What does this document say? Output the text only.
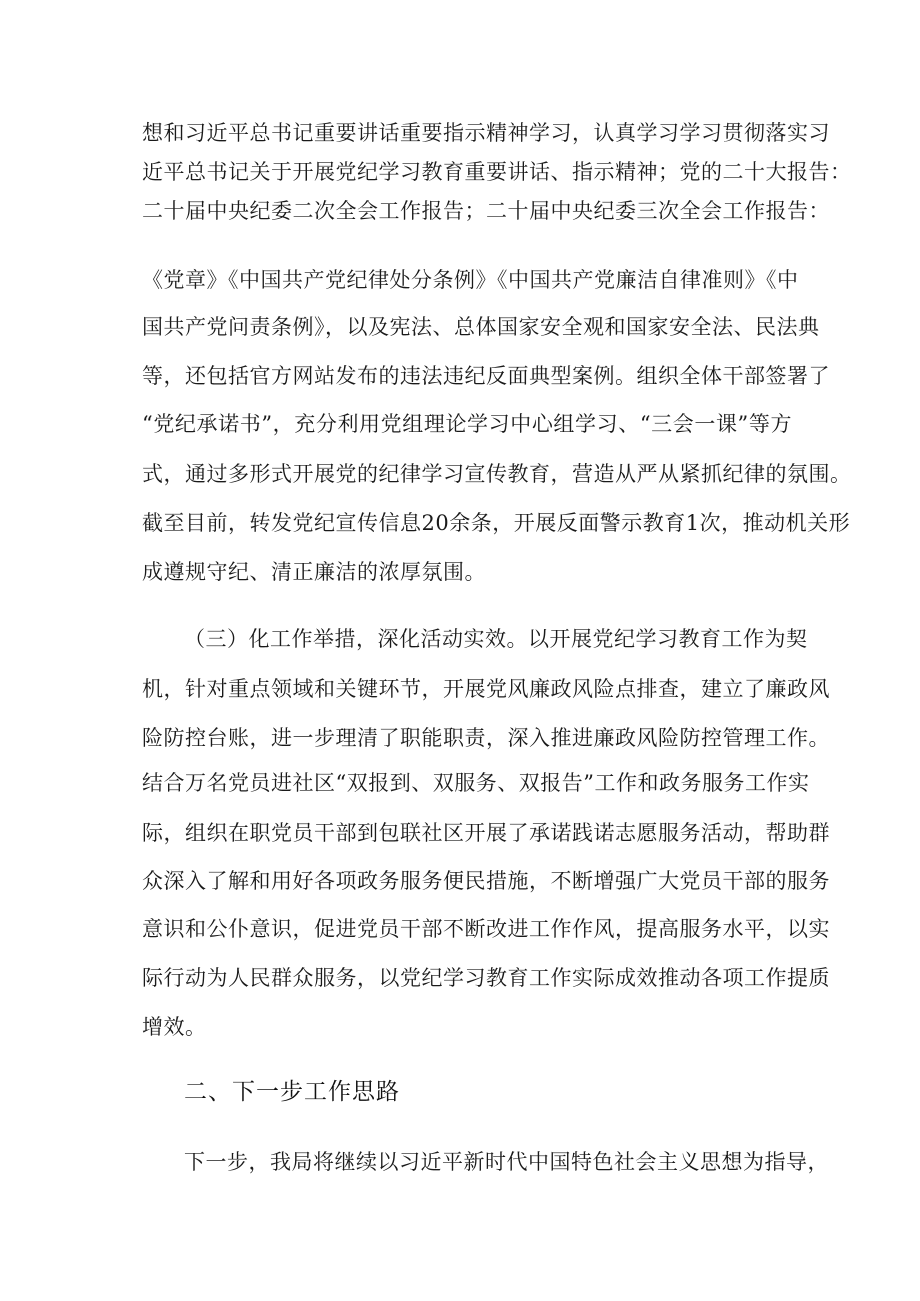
想和习近平总书记重要讲话重要指示精神学习，认真学习学习贯彻落实习
近平总书记关于开展党纪学习教育重要讲话、指示精神；党的二十大报告：
二十届中央纪委二次全会工作报告；二十届中央纪委三次全会工作报告：
《党章》《中国共产党纪律处分条例》《中国共产党廉洁自律准则》《中
国共产党问责条例》，以及宪法、总体国家安全观和国家安全法、民法典
等，还包括官方网站发布的违法违纪反面典型案例。组织全体干部签署了
“党纪承诺书”，充分利用党组理论学习中心组学习、“三会一课”等方
式，通过多形式开展党的纪律学习宣传教育，营造从严从紧抓纪律的氛围。
截至目前，转发党纪宣传信息20余条，开展反面警示教育1次，推动机关形
成遵规守纪、清正廉洁的浓厚氛围。
（三）化工作举措，深化活动实效。以开展党纪学习教育工作为契
机，针对重点领域和关键环节，开展党风廉政风险点排查，建立了廉政风
险防控台账，进一步理清了职能职责，深入推进廉政风险防控管理工作。
结合万名党员进社区“双报到、双服务、双报告”工作和政务服务工作实
际，组织在职党员干部到包联社区开展了承诺践诺志愿服务活动，帮助群
众深入了解和用好各项政务服务便民措施，不断增强广大党员干部的服务
意识和公仆意识，促进党员干部不断改进工作作风，提高服务水平，以实
际行动为人民群众服务，以党纪学习教育工作实际成效推动各项工作提质
增效。
二、下一步工作思路
下一步，我局将继续以习近平新时代中国特色社会主义思想为指导，
